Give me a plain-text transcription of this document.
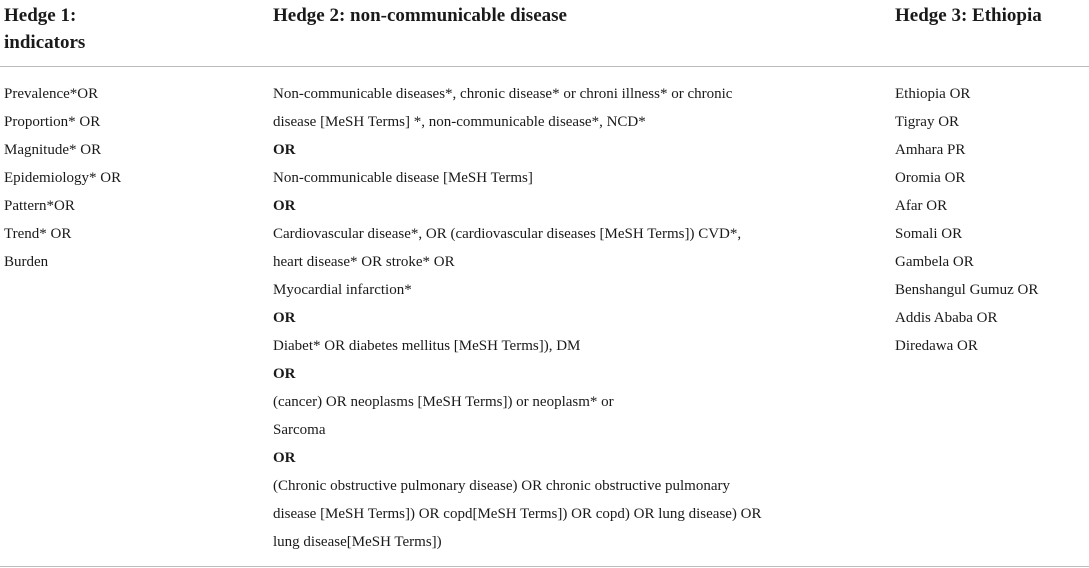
Hedge 1:
indicators
Hedge 2: non-communicable disease	Hedge 3: Ethiopia
Prevalence*OR
Proportion* OR
Magnitude* OR
Epidemiology* OR
Pattern*OR
Trend* OR
Burden
Non-communicable diseases*, chronic disease* or chroni illness* or chronic
disease [MeSH Terms] *, non-communicable disease*, NCD*
OR
Non-communicable disease [MeSH Terms]
OR
Cardiovascular disease*, OR (cardiovascular diseases [MeSH Terms]) CVD*,
heart disease* OR stroke* OR
Myocardial infarction*
OR
Diabet* OR diabetes mellitus [MeSH Terms]), DM
OR
(cancer) OR neoplasms [MeSH Terms]) or neoplasm* or
Sarcoma
OR
(Chronic obstructive pulmonary disease) OR chronic obstructive pulmonary
disease [MeSH Terms]) OR copd[MeSH Terms]) OR copd) OR lung disease) OR
lung disease[MeSH Terms])
Ethiopia OR
Tigray OR
Amhara PR
Oromia OR
Afar OR
Somali OR
Gambela OR
Benshangul Gumuz OR
Addis Ababa OR
Diredawa OR
